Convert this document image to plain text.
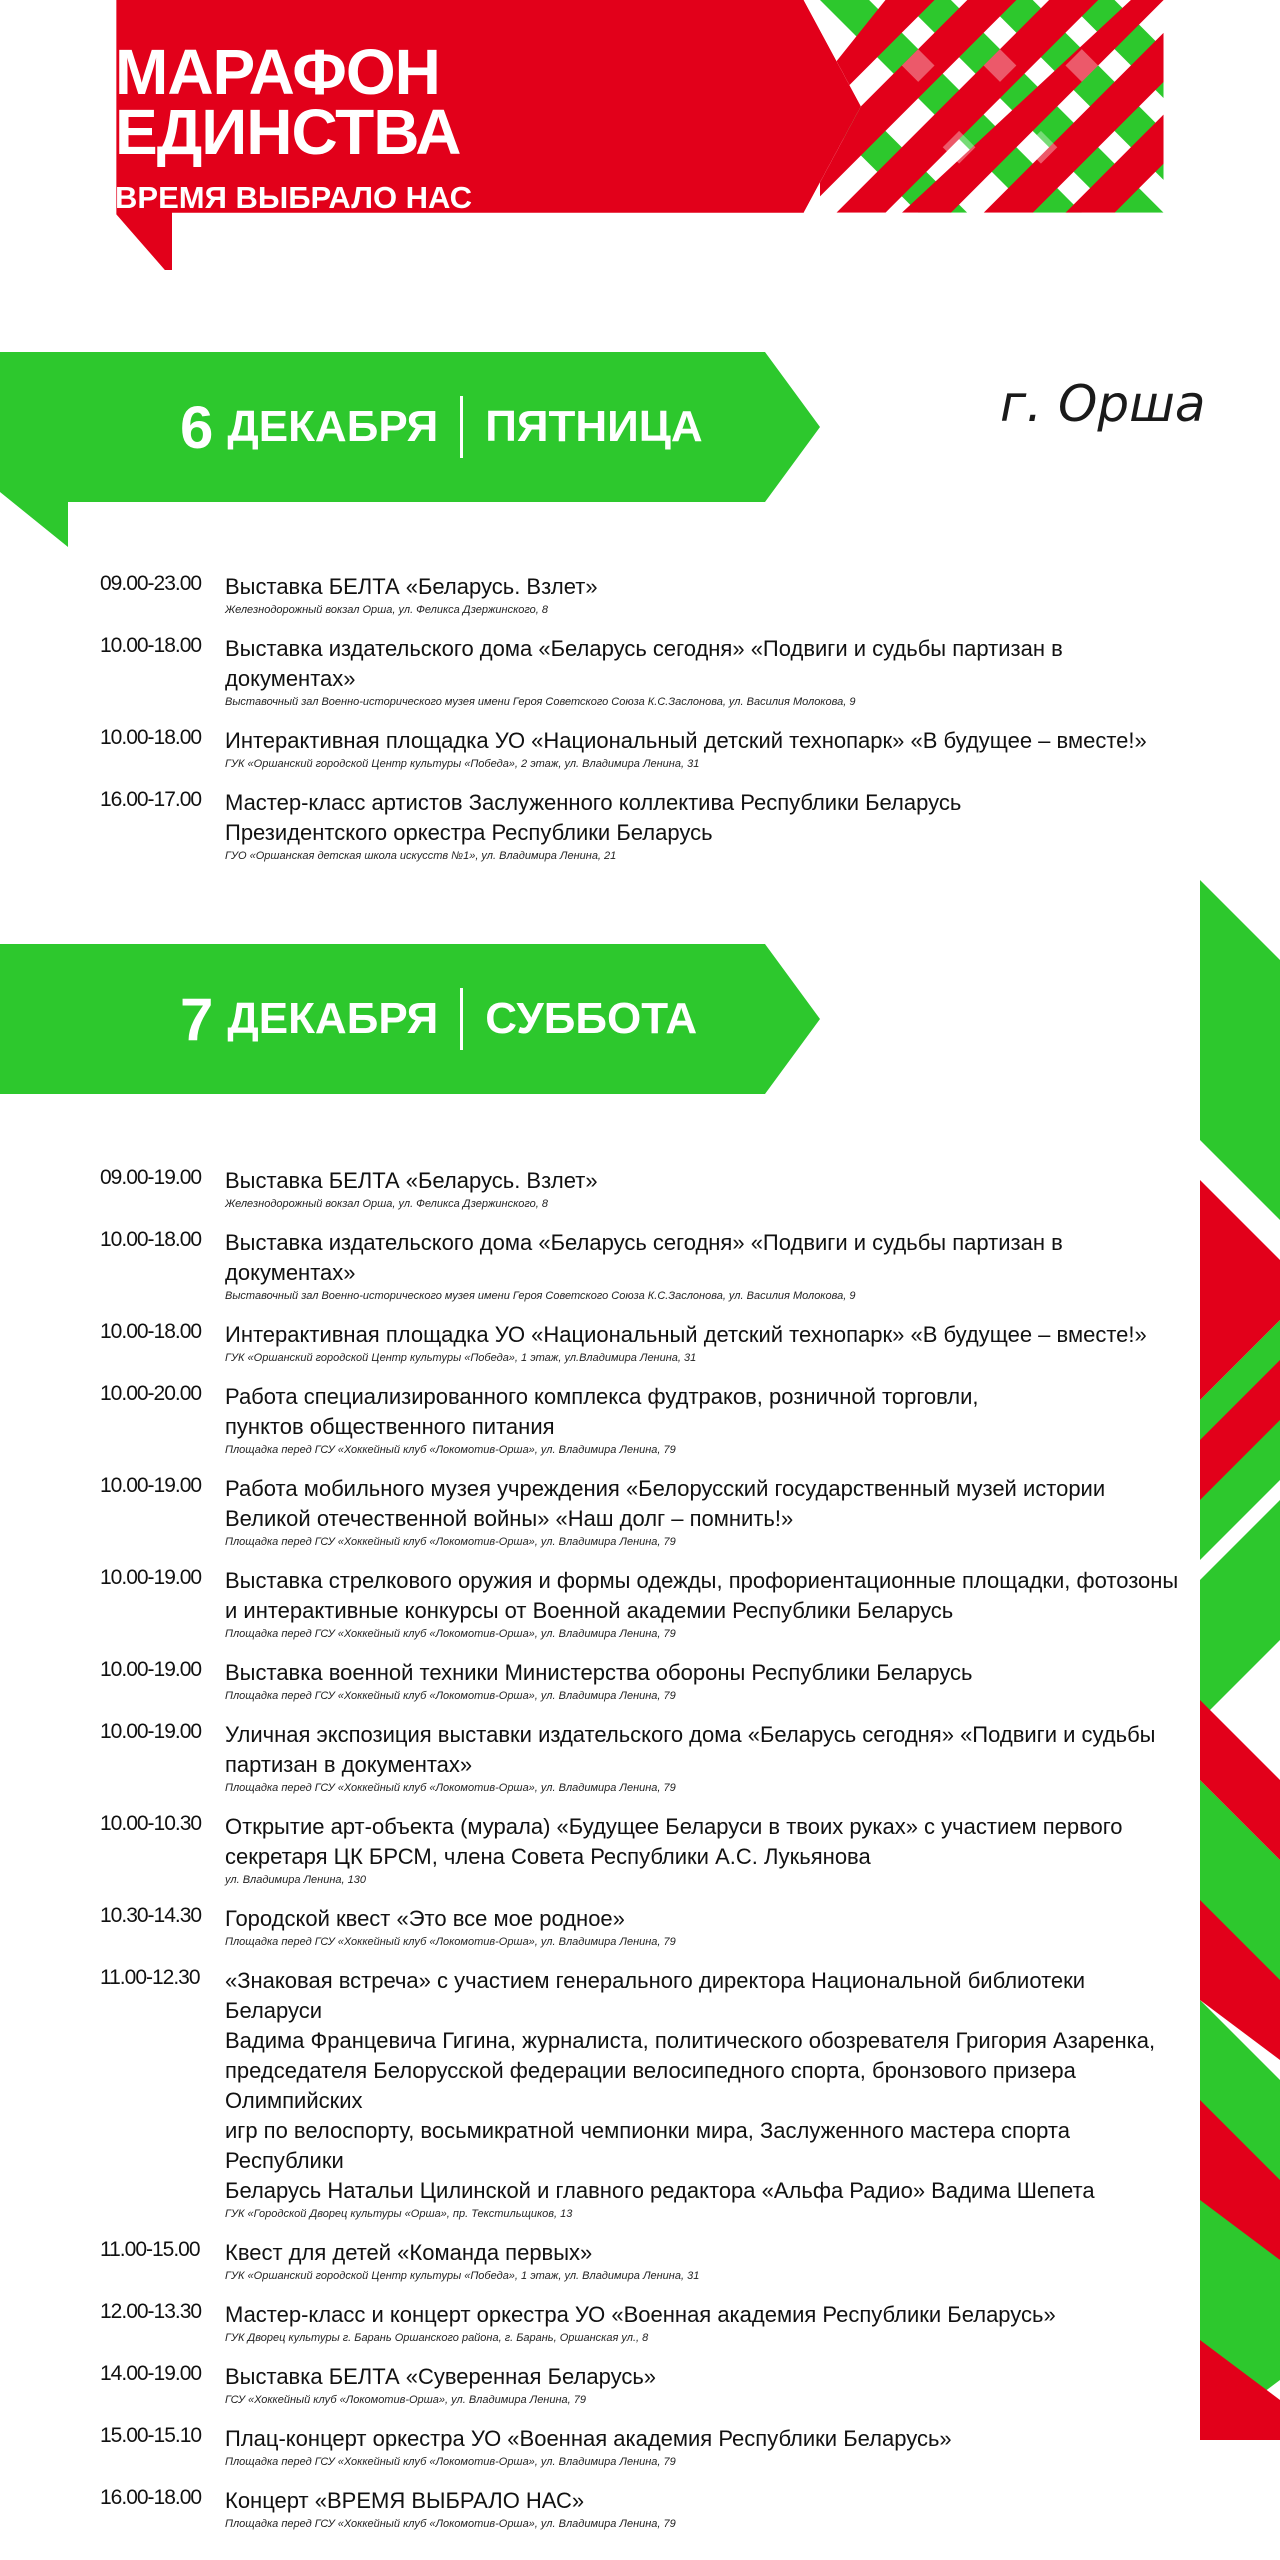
МАРАФОН
ЕДИНСТВА
ВРЕМЯ ВЫБРАЛО НАС
г. Орша
6 ДЕКАБРЯ ПЯТНИЦА
09.00-23.00	Выставка БЕЛТА «Беларусь. Взлет»
Железнодорожный вокзал Орша, ул. Феликса Дзержинского, 8
10.00-18.00	Выставка издательского дома «Беларусь сегодня» «Подвиги и судьбы партизан в документах»
Выставочный зал Военно-исторического музея имени Героя Советского Союза К.С.Заслонова, ул. Василия Молокова, 9
10.00-18.00	Интерактивная площадка УО «Национальный детский технопарк» «В будущее – вместе!»
ГУК «Оршанский городской Центр культуры «Победа», 2 этаж, ул. Владимира Ленина, 31
16.00-17.00	Мастер-класс артистов Заслуженного коллектива Республики Беларусь
Президентского оркестра Республики Беларусь
ГУО «Оршанская детская школа искусств №1», ул. Владимира Ленина, 21
7 ДЕКАБРЯ СУББОТА
09.00-19.00	Выставка БЕЛТА «Беларусь. Взлет»
Железнодорожный вокзал Орша, ул. Феликса Дзержинского, 8
10.00-18.00	Выставка издательского дома «Беларусь сегодня» «Подвиги и судьбы партизан в документах»
Выставочный зал Военно-исторического музея имени Героя Советского Союза К.С.Заслонова, ул. Василия Молокова, 9
10.00-18.00	Интерактивная площадка УО «Национальный детский технопарк» «В будущее – вместе!»
ГУК «Оршанский городской Центр культуры «Победа», 1 этаж, ул.Владимира Ленина, 31
10.00-20.00	Работа специализированного комплекса фудтраков, розничной торговли,
пунктов общественного питания
Площадка перед ГСУ «Хоккейный клуб «Локомотив-Орша», ул. Владимира Ленина, 79
10.00-19.00	Работа мобильного музея учреждения «Белорусский государственный музей истории
Великой отечественной войны» «Наш долг – помнить!»
Площадка перед ГСУ «Хоккейный клуб «Локомотив-Орша», ул. Владимира Ленина, 79
10.00-19.00	Выставка стрелкового оружия и формы одежды, профориентационные площадки, фотозоны
и интерактивные конкурсы от Военной академии Республики Беларусь
Площадка перед ГСУ «Хоккейный клуб «Локомотив-Орша», ул. Владимира Ленина, 79
10.00-19.00	Выставка военной техники Министерства обороны Республики Беларусь
Площадка перед ГСУ «Хоккейный клуб «Локомотив-Орша», ул. Владимира Ленина, 79
10.00-19.00	Уличная экспозиция выставки издательского дома «Беларусь сегодня» «Подвиги и судьбы
партизан в документах»
Площадка перед ГСУ «Хоккейный клуб «Локомотив-Орша», ул. Владимира Ленина, 79
10.00-10.30	Открытие арт-объекта (мурала) «Будущее Беларуси в твоих руках» с участием первого
секретаря ЦК БРСМ, члена Совета Республики А.С. Лукьянова
ул. Владимира Ленина, 130
10.30-14.30	Городской квест «Это все мое родное»
Площадка перед ГСУ «Хоккейный клуб «Локомотив-Орша», ул. Владимира Ленина, 79
11.00-12.30	«Знаковая встреча» с участием генерального директора Национальной библиотеки Беларуси
Вадима Францевича Гигина, журналиста, политического обозревателя Григория Азаренка,
председателя Белорусской федерации велосипедного спорта, бронзового призера Олимпийских
игр по велоспорту, восьмикратной чемпионки мира, Заслуженного мастера спорта Республики
Беларусь Натальи Цилинской и главного редактора «Альфа Радио» Вадима Шепета
ГУК «Городской Дворец культуры «Орша», пр. Текстильщиков, 13
11.00-15.00	Квест для детей «Команда первых»
ГУК «Оршанский городской Центр культуры «Победа», 1 этаж, ул. Владимира Ленина, 31
12.00-13.30	Мастер-класс и концерт оркестра УО «Военная академия Республики Беларусь»
ГУК Дворец культуры г. Барань Оршанского района, г. Барань, Оршанская ул., 8
14.00-19.00	Выставка БЕЛТА «Суверенная Беларусь»
ГСУ «Хоккейный клуб «Локомотив-Орша», ул. Владимира Ленина, 79
15.00-15.10	Плац-концерт оркестра УО «Военная академия Республики Беларусь»
Площадка перед ГСУ «Хоккейный клуб «Локомотив-Орша», ул. Владимира Ленина, 79
16.00-18.00	Концерт «ВРЕМЯ ВЫБРАЛО НАС»
Площадка перед ГСУ «Хоккейный клуб «Локомотив-Орша», ул. Владимира Ленина, 79
